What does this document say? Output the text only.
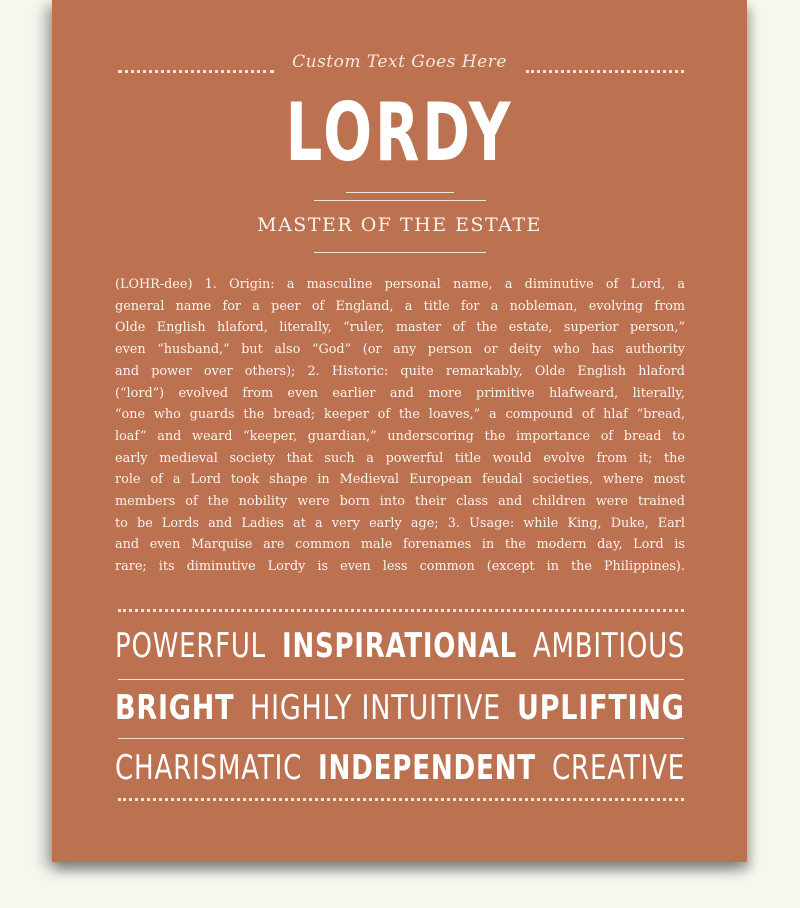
Custom Text Goes Here
LORDY
MASTER OF THE ESTATE
(LOHR-dee) 1. Origin: a masculine personal name, a diminutive of Lord, a
general name for a peer of England, a title for a nobleman, evolving from
Olde English hlaford, literally, “ruler, master of the estate, superior person,”
even “husband,” but also “God” (or any person or deity who has authority
and power over others); 2. Historic: quite remarkably, Olde English hlaford
(“lord”) evolved from even earlier and more primitive hlafweard, literally,
“one who guards the bread; keeper of the loaves,” a compound of hlaf “bread,
loaf” and weard “keeper, guardian,” underscoring the importance of bread to
early medieval society that such a powerful title would evolve from it; the
role of a Lord took shape in Medieval European feudal societies, where most
members of the nobility were born into their class and children were trained
to be Lords and Ladies at a very early age; 3. Usage: while King, Duke, Earl
and even Marquise are common male forenames in the modern day, Lord is
rare; its diminutive Lordy is even less common (except in the Philippines).
POWERFUL INSPIRATIONAL AMBITIOUS
BRIGHT HIGHLY INTUITIVE UPLIFTING
CHARISMATIC INDEPENDENT CREATIVE
